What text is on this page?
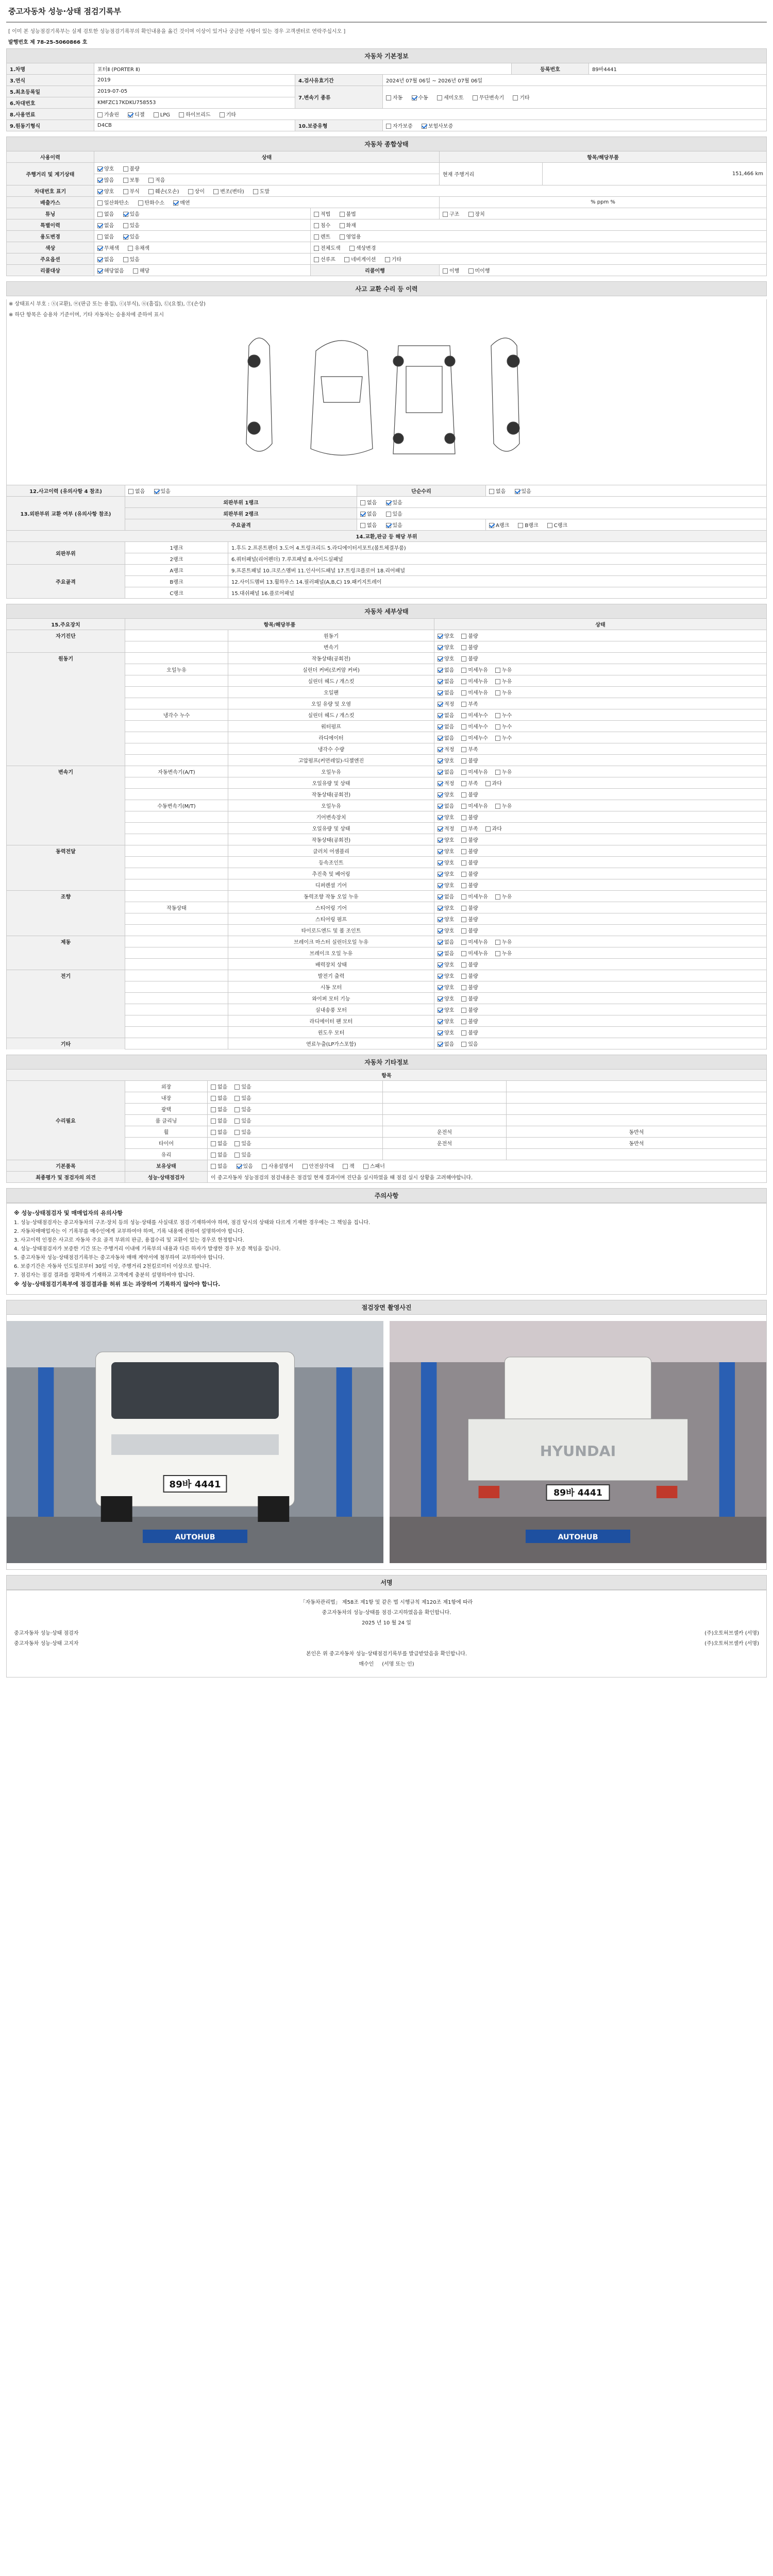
중고자동차 성능·상태 점검기록부
[ 이미 본 성능점검기록부는 실제 검토한 성능점검기록부의 확인내용을 옮긴 것이며 이상이 있거나 궁금한 사항이 있는 경우 고객센터로 연락주십시오 ]
발행번호 제 78-25-5060866 호
자동차 기본정보					
1.차명	포터Ⅱ (PORTER Ⅱ)			등록번호	89바4441
3.연식	2019	4.검사유효기간	2024년 07월 06일 ~ 2026년 07월 06일		
5.최초등록일	2019-07-05	7.변속기 종류	자동 수동 세미오토 무단변속기 기타		
6.차대번호	KMFZC17KDKU758553				
8.사용연료	가솔린 디젤 LPG 하이브리드 기타				
9.원동기형식	D4CB	10.보증유형	자가보증 보험사보증		
자동차 종합상태				
사용이력	상태		항목/해당부품	
주행거리 및 계기상태	양호 불량		현재 주행거리	151,466 km
	많음 보통 적음			
차대번호 표기	양호 부식 훼손(오손) 상이 변조(변타) 도말			
배출가스	일산화탄소 탄화수소 매연		% ppm %	
튜닝	없음 있음	적법 불법	구조 장치	
특별이력	없음 있음	침수 화재		
용도변경	없음 있음	렌트 영업용		
색상	무채색 유채색	전체도색 색상변경		
주요옵션	없음 있음	선루프 네비게이션 기타		
리콜대상	해당없음 해당	리콜이행	이행 미이행	
사고 교환 수리 등 이력
※ 상태표시 부호 : ⓧ(교환), ⓦ(판금 또는 용접), ⓒ(부식), ⓤ(흠집), Ⓤ(요철), Ⓣ(손상)
※ 하단 항목은 승용차 기준이며, 기타 자동차는 승용차에 준하여 표시
12.사고이력 (유의사항 4 참조)	없음 있음		단순수리	없음 있음
13.외판부위 교환 여부 (유의사항 참조)	외판부위 1랭크		없음 있음	
	외판부위 2랭크		없음 있음	
	주요골격		없음 있음	A랭크 B랭크 C랭크
14.교환,판금 등 해당 부위				
외판부위	1랭크	1.후드 2.프론트펜더 3.도어 4.트렁크리드 5.라디에이터서포트(볼트체결부품)		
	2랭크	6.쿼터패널(리어펜더) 7.루프패널 8.사이드실패널		
주요골격	A랭크	9.프론트패널 10.크로스멤버 11.인사이드패널 17.트렁크플로어 18.리어패널		
	B랭크	12.사이드멤버 13.휠하우스 14.필러패널(A,B,C) 19.패키지트레이		
	C랭크	15.대쉬패널 16.플로어패널		
자동차 세부상태			
15.주요장치	항목/해당부품		상태
자기진단		원동기	양호 불량
		변속기	양호 불량
원동기		작동상태(공회전)	양호 불량
	오일누유	실린더 커버(로커암 커버)	없음 미세누유 누유
		실린더 헤드 / 개스킷	없음 미세누유 누유
		오일팬	없음 미세누유 누유
		오일 유량 및 오염	적정 부족
	냉각수 누수	실린더 헤드 / 개스킷	없음 미세누수 누수
		워터펌프	없음 미세누수 누수
		라디에이터	없음 미세누수 누수
		냉각수 수량	적정 부족
		고압펌프(커먼레일)-디젤엔진	양호 불량
변속기	자동변속기(A/T)	오일누유	없음 미세누유 누유
		오일유량 및 상태	적정 부족 과다
		작동상태(공회전)	양호 불량
	수동변속기(M/T)	오일누유	없음 미세누유 누유
		기어변속장치	양호 불량
		오일유량 및 상태	적정 부족 과다
		작동상태(공회전)	양호 불량
동력전달		클러치 어셈블리	양호 불량
		등속조인트	양호 불량
		추진축 및 베어링	양호 불량
		디퍼렌셜 기어	양호 불량
조향		동력조향 작동 오일 누유	없음 미세누유 누유
	작동상태	스티어링 기어	양호 불량
		스티어링 펌프	양호 불량
		타이로드엔드 및 볼 조인트	양호 불량
제동		브레이크 마스터 실린더오일 누유	없음 미세누유 누유
		브레이크 오일 누유	없음 미세누유 누유
		배력장치 상태	양호 불량
전기		발전기 출력	양호 불량
		시동 모터	양호 불량
		와이퍼 모터 기능	양호 불량
		실내송풍 모터	양호 불량
		라디에이터 팬 모터	양호 불량
		윈도우 모터	양호 불량
기타		연료누출(LP가스포함)	없음 있음
자동차 기타정보				
항목				
수리필요	외장	없음 있음		
	내장	없음 있음		
	광택	없음 있음		
	룸 클리닝	없음 있음		
	휠	없음 있음	운전석	동반석
	타이어	없음 있음	운전석	동반석
	유리	없음 있음		
기본품목	보유상태	없음 있음 사용설명서 안전삼각대 잭 스패너		
최종평가 및 점검자의 의견	성능·상태점검자	이 중고자동차 성능점검의 점검내용은 점검일 현재 결과이며 진단을 실시하였을 때 점검 실시 상황을 고려해야합니다.		
주의사항
※ 성능·상태점검자 및 매매업자의 유의사항
1. 성능·상태점검자는 중고자동차의 구조·장치 등의 성능·상태를 사실대로 점검·기재하여야 하며, 점검 당시의 상태와 다르게 기재한 경우에는 그 책임을 집니다.
2. 자동차매매업자는 이 기록부를 매수인에게 교부하여야 하며, 기록 내용에 관하여 설명하여야 합니다.
3. 사고이력 인정은 사고로 자동차 주요 골격 부위의 판금, 용접수리 및 교환이 있는 경우로 한정합니다.
4. 성능·상태점검자가 보증한 기간 또는 주행거리 이내에 기록부의 내용과 다른 하자가 발생한 경우 보증 책임을 집니다.
5. 중고자동차 성능·상태점검기록부는 중고자동차 매매 계약서에 첨부하여 교부하여야 합니다.
6. 보증기간은 자동차 인도일로부터 30일 이상, 주행거리 2천킬로미터 이상으로 합니다.
7. 점검자는 점검 결과를 정확하게 기재하고 고객에게 충분히 설명하여야 합니다.
※ 성능·상태점검기록부에 점검결과를 허위 또는 과장하여 기록하지 않아야 합니다.
점검장면 촬영사진
89바 4441
AUTOHUB
HYUNDAI
89바 4441
AUTOHUB
서명
「자동차관리법」 제58조 제1항 및 같은 법 시행규칙 제120조 제1항에 따라
중고자동차의 성능·상태를 점검·고지하였음을 확인합니다.
2025 년 10 월 24 일
중고자동차 성능·상태 점검자	(주)오토허브셀카 (서명)
중고자동차 성능·상태 고지자	(주)오토허브셀카 (서명)
본인은 위 중고자동차 성능·상태점검기록부를 발급받았음을 확인합니다.
매수인 (서명 또는 인)
